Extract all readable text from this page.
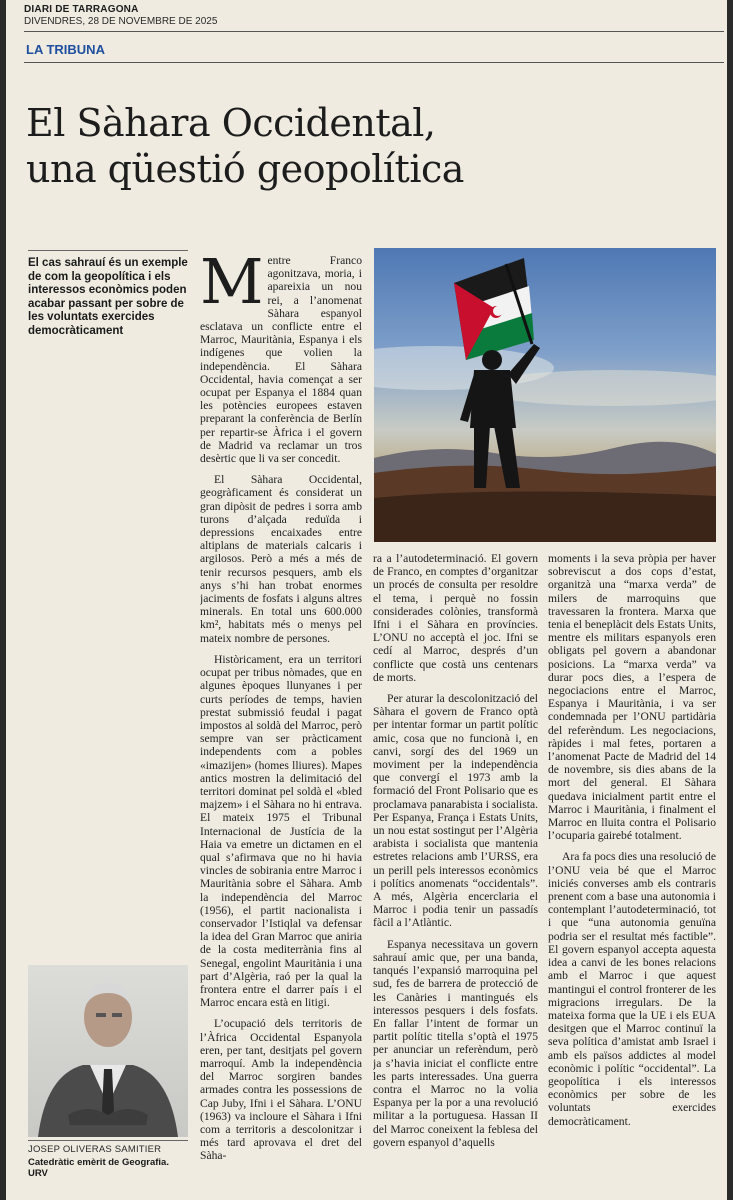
DIARI DE TARRAGONA
DIVENDRES, 28 DE NOVEMBRE DE 2025
LA TRIBUNA
El Sàhara Occidental,
una qüestió geopolítica
El cas sahrauí és un exemple de com la geopolítica i els interessos econòmics poden acabar passant per sobre de les voluntats exercides democràticament

Mentre Franco agonitzava, moria, i apareixia un nou rei, a l’anomenat Sàhara espanyol esclatava un conflicte entre el Marroc, Mauritània, Espanya i els indígenes que volien la independència. El Sàhara Occidental, havia començat a ser ocupat per Espanya el 1884 quan les potències europees estaven preparant la conferència de Berlín per repartir-se Àfrica i el govern de Madrid va reclamar un tros desèrtic que li va ser concedit.

El Sàhara Occidental, geogràficament és considerat un gran dipòsit de pedres i sorra amb turons d’alçada reduïda i depressions encaixades entre altiplans de materials calcaris i argilosos. Però a més a més de tenir recursos pesquers, amb els anys s’hi han trobat enormes jaciments de fosfats i alguns altres minerals. En total uns 600.000 km², habitats més o menys pel mateix nombre de persones.

Històricament, era un territori ocupat per tribus nòmades, que en algunes èpoques llunyanes i per curts períodes de temps, havien prestat submissió feudal i pagat impostos al soldà del Marroc, però sempre van ser pràcticament independents com a pobles «imazijen» (homes lliures). Mapes antics mostren la delimitació del territori dominat pel soldà el «bled majzem» i el Sàhara no hi entrava. El mateix 1975 el Tribunal Internacional de Justícia de la Haia va emetre un dictamen en el qual s’afirmava que no hi havia vincles de sobirania entre Marroc i Mauritània sobre el Sàhara. Amb la independència del Marroc (1956), el partit nacionalista i conservador l’Istiqlal va defensar la idea del Gran Marroc que aniria de la costa mediterrània fins al Senegal, engolint Mauritània i una part d’Algèria, raó per la qual la frontera entre el darrer país i el Marroc encara està en litigi.

L’ocupació dels territoris de l’Àfrica Occidental Espanyola eren, per tant, desitjats pel govern marroquí. Amb la independència del Marroc sorgiren bandes armades contra les possessions de Cap Juby, Ifni i el Sàhara. L’ONU (1963) va incloure el Sàhara i Ifni com a territoris a descolonitzar i més tard aprovava el dret del Sàha-

ra a l’autodeterminació. El govern de Franco, en comptes d’organitzar un procés de consulta per resoldre el tema, i perquè no fossin considerades colònies, transformà Ifni i el Sàhara en províncies. L’ONU no acceptà el joc. Ifni se cedí al Marroc, després d’un conflicte que costà uns centenars de morts.

Per aturar la descolonització del Sàhara el govern de Franco optà per intentar formar un partit polític amic, cosa que no funcionà i, en canvi, sorgí des del 1969 un moviment per la independència que convergí el 1973 amb la formació del Front Polisario que es proclamava panarabista i socialista. Per Espanya, França i Estats Units, un nou estat sostingut per l’Algèria arabista i socialista que mantenia estretes relacions amb l’URSS, era un perill pels interessos econòmics i polítics anomenats “occidentals”. A més, Algèria encerclaria el Marroc i podia tenir un passadís fàcil a l’Atlàntic.

Espanya necessitava un govern sahrauí amic que, per una banda, tanqués l’expansió marroquina pel sud, fes de barrera de protecció de les Canàries i mantingués els interessos pesquers i dels fosfats. En fallar l’intent de formar un partit polític titella s’optà el 1975 per anunciar un referèndum, però ja s’havia iniciat el conflicte entre les parts interessades. Una guerra contra el Marroc no la volia Espanya per la por a una revolució militar a la portuguesa. Hassan II del Marroc coneixent la feblesa del govern espanyol d’aquells

moments i la seva pròpia per haver sobreviscut a dos cops d’estat, organitzà una “marxa verda” de milers de marroquins que travessaren la frontera. Marxa que tenia el beneplàcit dels Estats Units, mentre els militars espanyols eren obligats pel govern a abandonar posicions. La “marxa verda” va durar pocs dies, a l’espera de negociacions entre el Marroc, Espanya i Mauritània, i va ser condemnada per l’ONU partidària del referèndum. Les negociacions, ràpides i mal fetes, portaren a l’anomenat Pacte de Madrid del 14 de novembre, sis dies abans de la mort del general. El Sàhara quedava inicialment partit entre el Marroc i Mauritània, i finalment el Marroc en lluita contra el Polisario l’ocuparia gairebé totalment.

Ara fa pocs dies una resolució de l’ONU veia bé que el Marroc iniciés converses amb els contraris prenent com a base una autonomia i contemplant l’autodeterminació, tot i que “una autonomia genuïna podria ser el resultat més factible”. El govern espanyol accepta aquesta idea a canvi de les bones relacions amb el Marroc i que aquest mantingui el control fronterer de les migracions irregulars. De la mateixa forma que la UE i els EUA desitgen que el Marroc continuï la seva política d’amistat amb Israel i amb els països addictes al model econòmic i polític “occidental”. La geopolítica i els interessos econòmics per sobre de les voluntats exercides democràticament.

JOSEP OLIVERAS SAMITIER
Catedràtic emèrit de Geografia. URV
